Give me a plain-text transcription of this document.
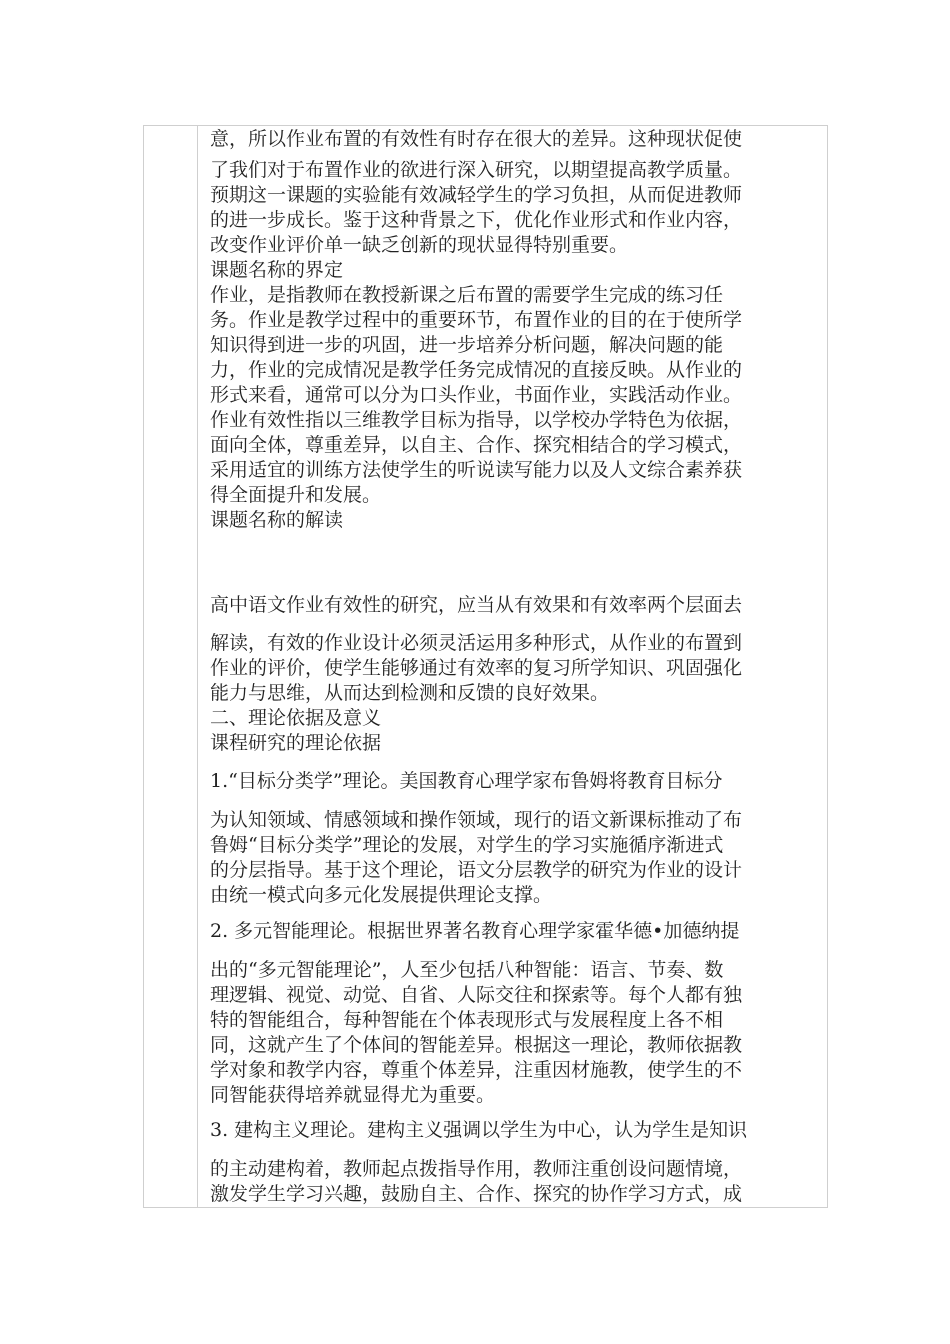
意，所以作业布置的有效性有时存在很大的差异。这种现状促使
了我们对于布置作业的欲进行深入研究，以期望提高教学质量。
预期这一课题的实验能有效减轻学生的学习负担，从而促进教师
的进一步成长。鉴于这种背景之下，优化作业形式和作业内容，
改变作业评价单一缺乏创新的现状显得特别重要。
课题名称的界定
作业，是指教师在教授新课之后布置的需要学生完成的练习任
务。作业是教学过程中的重要环节，布置作业的目的在于使所学
知识得到进一步的巩固，进一步培养分析问题，解决问题的能
力，作业的完成情况是教学任务完成情况的直接反映。从作业的
形式来看，通常可以分为口头作业，书面作业，实践活动作业。
作业有效性指以三维教学目标为指导，以学校办学特色为依据，
面向全体，尊重差异，以自主、合作、探究相结合的学习模式，
采用适宜的训练方法使学生的听说读写能力以及人文综合素养获
得全面提升和发展。
课题名称的解读
高中语文作业有效性的研究，应当从有效果和有效率两个层面去
解读，有效的作业设计必须灵活运用多种形式，从作业的布置到
作业的评价，使学生能够通过有效率的复习所学知识、巩固强化
能力与思维，从而达到检测和反馈的良好效果。
二、理论依据及意义
课程研究的理论依据
1.“目标分类学”理论。美国教育心理学家布鲁姆将教育目标分
为认知领域、情感领域和操作领域，现行的语文新课标推动了布
鲁姆“目标分类学”理论的发展，对学生的学习实施循序渐进式
的分层指导。基于这个理论，语文分层教学的研究为作业的设计
由统一模式向多元化发展提供理论支撑。
2. 多元智能理论。根据世界著名教育心理学家霍华德•加德纳提
出的“多元智能理论”，人至少包括八种智能：语言、节奏、数
理逻辑、视觉、动觉、自省、人际交往和探索等。每个人都有独
特的智能组合，每种智能在个体表现形式与发展程度上各不相
同，这就产生了个体间的智能差异。根据这一理论，教师依据教
学对象和教学内容，尊重个体差异，注重因材施教，使学生的不
同智能获得培养就显得尤为重要。
3. 建构主义理论。建构主义强调以学生为中心，认为学生是知识
的主动建构着，教师起点拨指导作用，教师注重创设问题情境，
激发学生学习兴趣，鼓励自主、合作、探究的协作学习方式，成
